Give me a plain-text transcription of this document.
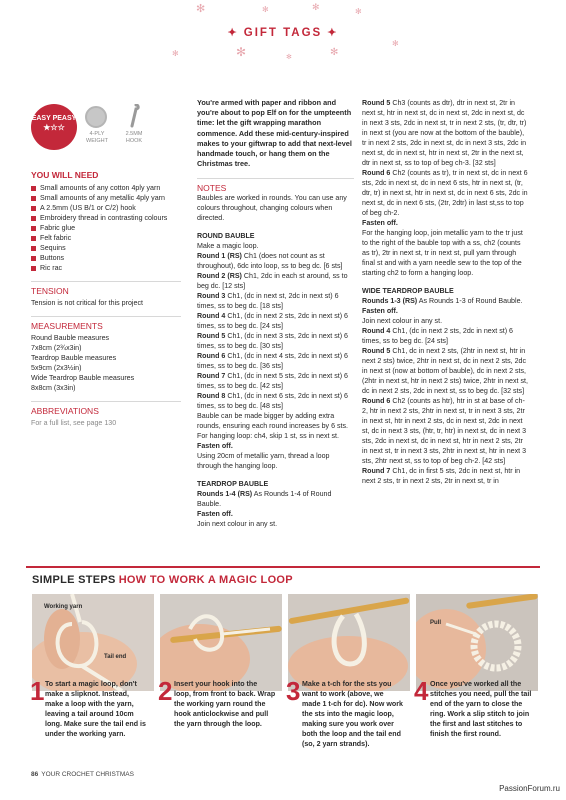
✻	✻	✻	✻
✻	✻	✻	✻
✻
✦ GIFT TAGS ✦
EASY PEASY
★☆☆
4-PLY WEIGHT
2.5MM HOOK
YOU WILL NEED
Small amounts of any cotton 4ply yarn
Small amounts of any metallic 4ply yarn
A 2.5mm (US B/1 or C/2) hook
Embroidery thread in contrasting colours
Fabric glue
Felt fabric
Sequins
Buttons
Ric rac
TENSION
Tension is not critical for this project
MEASUREMENTS
Round Bauble measures
7x8cm (2¾x3in)
Teardrop Bauble measures
5x9cm (2x3½in)
Wide Teardrop Bauble measures
8x8cm (3x3in)
ABBREVIATIONS
For a full list, see page 130
You're armed with paper and ribbon and you're about to pop Elf on for the umpteenth time: let the gift wrapping marathon commence. Add these mid-century-inspired makes to your giftwrap to add that next-level handmade touch, or hang them on the Christmas tree.
NOTES
Baubles are worked in rounds. You can use any colours throughout, changing colours when directed.
ROUND BAUBLE
Make a magic loop.
Round 1 (RS) Ch1 (does not count as st throughout), 6dc into loop, ss to beg dc. [6 sts]
Round 2 (RS) Ch1, 2dc in each st around, ss to beg dc. [12 sts]
Round 3 Ch1, (dc in next st, 2dc in next st) 6 times, ss to beg dc. [18 sts]
Round 4 Ch1, (dc in next 2 sts, 2dc in next st) 6 times, ss to beg dc. [24 sts]
Round 5 Ch1, (dc in next 3 sts, 2dc in next st) 6 times, ss to beg dc. [30 sts]
Round 6 Ch1, (dc in next 4 sts, 2dc in next st) 6 times, ss to beg dc. [36 sts]
Round 7 Ch1, (dc in next 5 sts, 2dc in next st) 6 times, ss to beg dc. [42 sts]
Round 8 Ch1, (dc in next 6 sts, 2dc in next st) 6 times, ss to beg dc. [48 sts]
Bauble can be made bigger by adding extra rounds, ensuring each round increases by 6 sts.
For hanging loop: ch4, skip 1 st, ss in next st.
Fasten off.
Using 20cm of metallic yarn, thread a loop through the hanging loop.
TEARDROP BAUBLE
Rounds 1-4 (RS) As Rounds 1-4 of Round Bauble.
Fasten off.
Join next colour in any st.
Round 5 Ch3 (counts as dtr), dtr in next st, 2tr in next st, htr in next st, dc in next st, 2dc in next st, dc in next 3 sts, 2dc in next st, tr in next 2 sts, (tr, dtr, tr) in next st (you are now at the bottom of the bauble), tr in next 2 sts, 2dc in next st, dc in next 3 sts, 2dc in next st, dc in next st, htr in next st, 2tr in the next st, dtr in next st, ss to top of beg ch-3. [32 sts]
Round 6 Ch2 (counts as tr), tr in next st, dc in next 6 sts, 2dc in next st, dc in next 6 sts, htr in next st, (tr, dtr, tr) in next st, htr in next st, dc in next 6 sts, 2dc in next st, dc in next 6 sts, (2tr, 2dtr) in last st,ss to top of beg ch-2.
Fasten off.
For the hanging loop, join metallic yarn to the tr just to the right of the bauble top with a ss, ch2 (counts as tr), 2tr in next st, tr in next st, pull yarn through final st and with a yarn needle sew to the top of the starting ch2 to form a hanging loop.
WIDE TEARDROP BAUBLE
Rounds 1-3 (RS) As Rounds 1-3 of Round Bauble.
Fasten off.
Join next colour in any st.
Round 4 Ch1, (dc in next 2 sts, 2dc in next st) 6 times, ss to beg dc. [24 sts]
Round 5 Ch1, dc in next 2 sts, (2htr in next st, htr in next 2 sts) twice, 2htr in next st, dc in next 2 sts, 2dc in next st (now at bottom of bauble), dc in next 2 sts, (2htr in next st, htr in next 2 sts) twice, 2htr in next st, dc in next 2 sts, 2dc in next st, ss to beg dc. [32 sts]
Round 6 Ch2 (counts as htr), htr in st at base of ch-2, htr in next 2 sts, 2htr in next st, tr in next 3 sts, 2tr in next st, htr in next 2 sts, dc in next st, 2dc in next st, dc in next 3 sts, (htr, tr, htr) in next st, dc in next 3 sts, 2dc in next st, dc in next st, htr in next 2 sts, 2tr in next st, tr in next 3 sts, 2htr in next st, htr in next 3 sts, 2htr next st, ss to top of beg ch-2. [42 sts]
Round 7 Ch1, dc in first 5 sts, 2dc in next st, htr in next 2 sts, tr in next 2 sts, 2tr in next st, tr in
SIMPLE STEPS HOW TO WORK A MAGIC LOOP
Working yarn
Tail end
Pull
1 To start a magic loop, don't make a slipknot. Instead, make a loop with the yarn, leaving a tail around 10cm long. Make sure the tail end is under the working yarn.
2 Insert your hook into the loop, from front to back. Wrap the working yarn round the hook anticlockwise and pull the yarn through the loop.
3 Make a t-ch for the sts you want to work (above, we made 1 t-ch for dc). Now work the sts into the magic loop, making sure you work over both the loop and the tail end (so, 2 yarn strands).
4 Once you've worked all the stitches you need, pull the tail end of the yarn to close the ring. Work a slip stitch to join the first and last stitches to finish the first round.
86 YOUR CROCHET CHRISTMAS
PassionForum.ru
